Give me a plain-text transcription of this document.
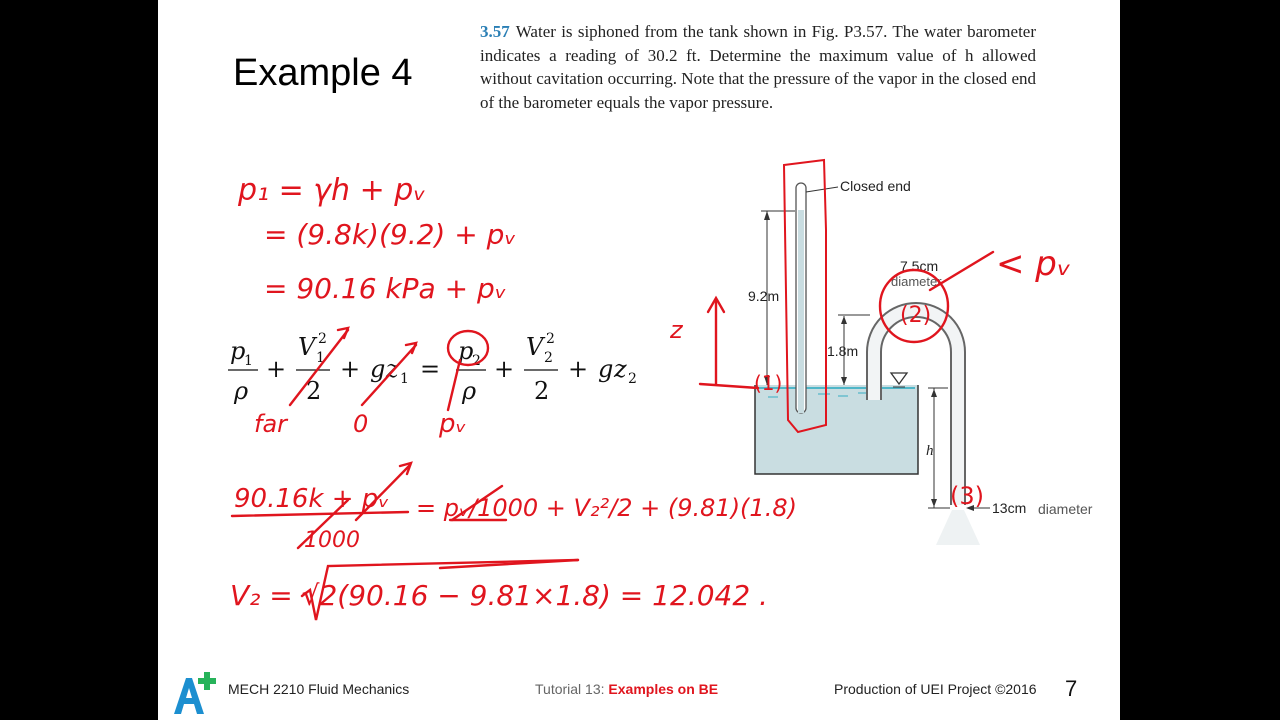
Example 4
3.57 Water is siphoned from the tank shown in Fig. P3.57. The water barometer indicates a reading of 30.2 ft. Determine the maximum value of h allowed without cavitation occurring. Note that the pressure of the vapor in the closed end of the barometer equals the vapor pressure.
Closed end
9.2m
1.8m
7.5cm
diameter
h
13cm diameter
p
1
ρ
+
V 2
1
2
+ g z 1 =
p
2
ρ
+
V 2
2
2
+ g z 2
p₁ = γh + pᵥ
= (9.8k)(9.2) + pᵥ
= 90.16 kPa + pᵥ
< pᵥ
z
(1)
(2)
(3)
far	0	pᵥ
90.16k + pᵥ
1000
= pᵥ/1000 + V₂²/2 + (9.81)(1.8)
V₂ = √2(90.16 − 9.81×1.8) = 12.042 .
MECH 2210 Fluid Mechanics	Tutorial 13: Examples on BE	Production of UEI Project ©2016 7
